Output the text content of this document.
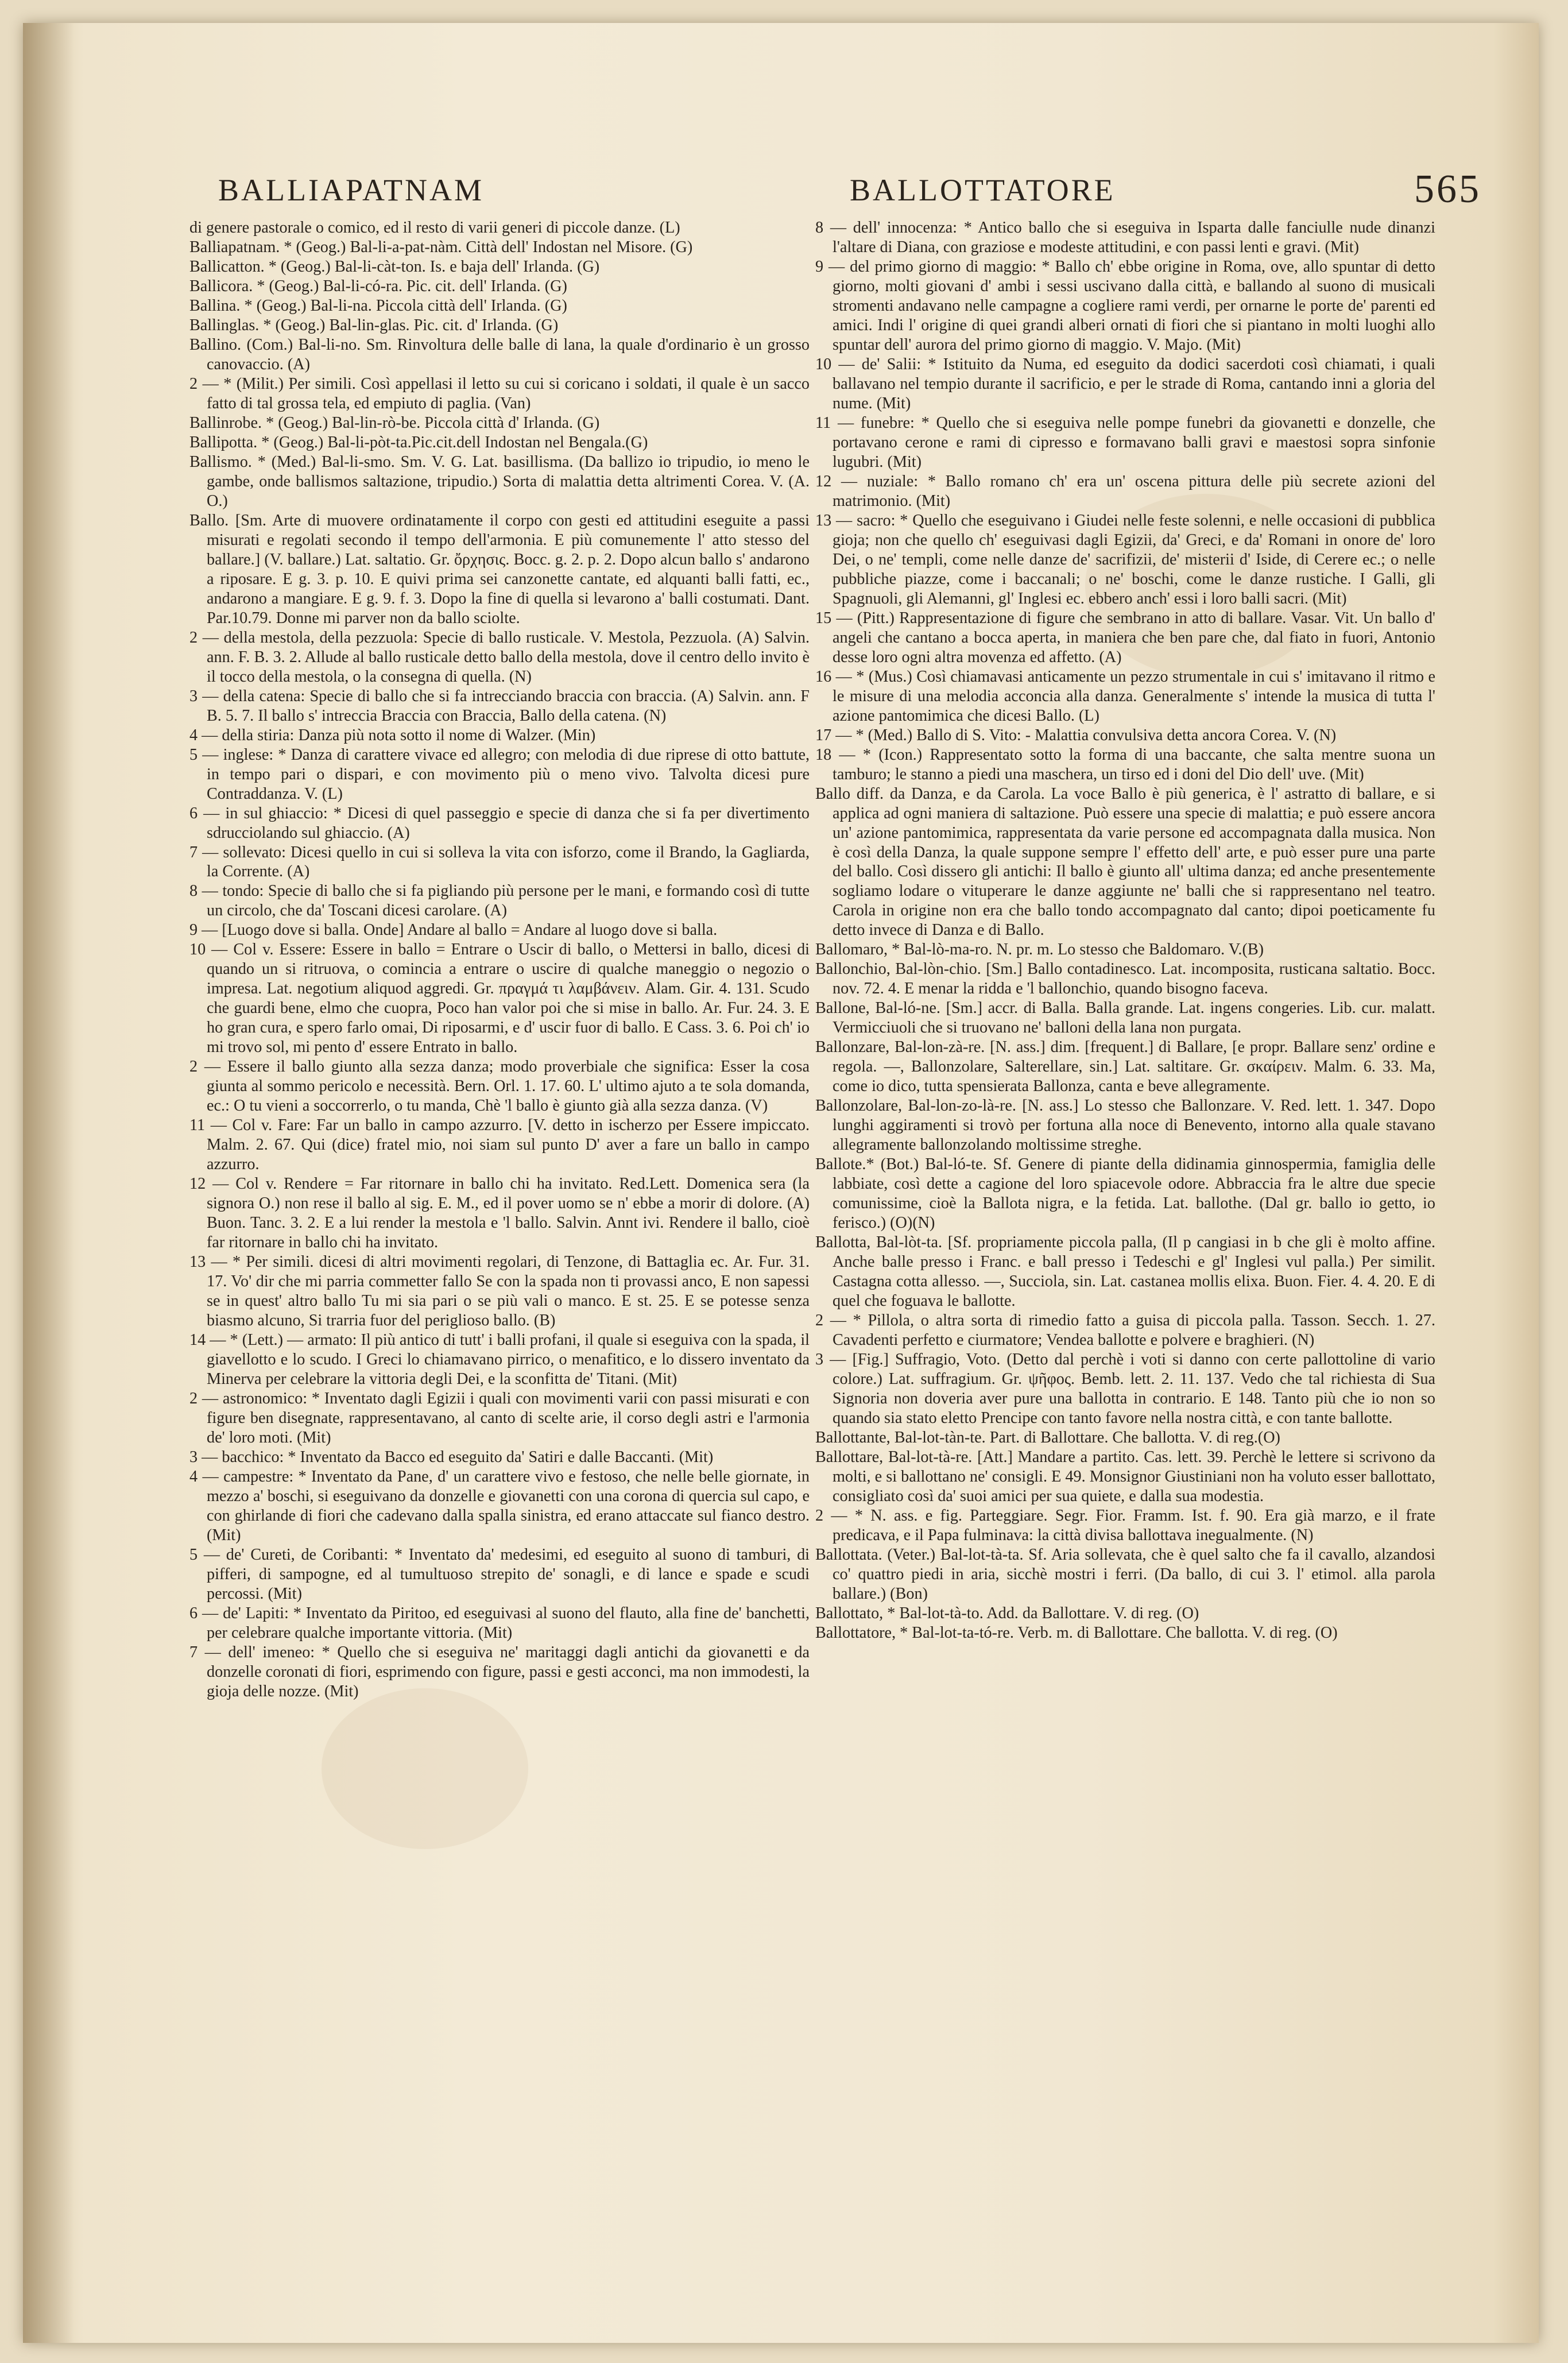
BALLIAPATNAM	BALLOTTATORE	565

di genere pastorale o comico, ed il resto di varii generi di piccole danze. (L)

Balliapatnam. * (Geog.) Bal-li-a-pat-nàm. Città dell' Indostan nel Misore. (G)

Ballicatton. * (Geog.) Bal-li-càt-ton. Is. e baja dell' Irlanda. (G)

Ballicora. * (Geog.) Bal-li-có-ra. Pic. cit. dell' Irlanda. (G)

Ballina. * (Geog.) Bal-li-na. Piccola città dell' Irlanda. (G)

Ballinglas. * (Geog.) Bal-lin-glas. Pic. cit. d' Irlanda. (G)

Ballino. (Com.) Bal-li-no. Sm. Rinvoltura delle balle di lana, la quale d'ordinario è un grosso canovaccio. (A)

2 — * (Milit.) Per simili. Così appellasi il letto su cui si coricano i soldati, il quale è un sacco fatto di tal grossa tela, ed empiuto di paglia. (Van)

Ballinrobe. * (Geog.) Bal-lin-rò-be. Piccola città d' Irlanda. (G)

Ballipotta. * (Geog.) Bal-li-pòt-ta.Pic.cit.dell Indostan nel Bengala.(G)

Ballismo. * (Med.) Bal-li-smo. Sm. V. G. Lat. basillisma. (Da ballizo io tripudio, io meno le gambe, onde ballismos saltazione, tripudio.) Sorta di malattia detta altrimenti Corea. V. (A. O.)

Ballo. [Sm. Arte di muovere ordinatamente il corpo con gesti ed attitudini eseguite a passi misurati e regolati secondo il tempo dell'armonia. E più comunemente l' atto stesso del ballare.] (V. ballare.) Lat. saltatio. Gr. ὄρχησις. Bocc. g. 2. p. 2. Dopo alcun ballo s' andarono a riposare. E g. 3. p. 10. E quivi prima sei canzonette cantate, ed alquanti balli fatti, ec., andarono a mangiare. E g. 9. f. 3. Dopo la fine di quella si levarono a' balli costumati. Dant. Par.10.79. Donne mi parver non da ballo sciolte.

2 — della mestola, della pezzuola: Specie di ballo rusticale. V. Mestola, Pezzuola. (A) Salvin. ann. F. B. 3. 2. Allude al ballo rusticale detto ballo della mestola, dove il centro dello invito è il tocco della mestola, o la consegna di quella. (N)

3 — della catena: Specie di ballo che si fa intrecciando braccia con braccia. (A) Salvin. ann. F B. 5. 7. Il ballo s' intreccia Braccia con Braccia, Ballo della catena. (N)

4 — della stiria: Danza più nota sotto il nome di Walzer. (Min)

5 — inglese: * Danza di carattere vivace ed allegro; con melodia di due riprese di otto battute, in tempo pari o dispari, e con movimento più o meno vivo. Talvolta dicesi pure Contraddanza. V. (L)

6 — in sul ghiaccio: * Dicesi di quel passeggio e specie di danza che si fa per divertimento sdrucciolando sul ghiaccio. (A)

7 — sollevato: Dicesi quello in cui si solleva la vita con isforzo, come il Brando, la Gagliarda, la Corrente. (A)

8 — tondo: Specie di ballo che si fa pigliando più persone per le mani, e formando così di tutte un circolo, che da' Toscani dicesi carolare. (A)

9 — [Luogo dove si balla. Onde] Andare al ballo = Andare al luogo dove si balla.

10 — Col v. Essere: Essere in ballo = Entrare o Uscir di ballo, o Mettersi in ballo, dicesi di quando un si ritruova, o comincia a entrare o uscire di qualche maneggio o negozio o impresa. Lat. negotium aliquod aggredi. Gr. πραγμά τι λαμβάνειν. Alam. Gir. 4. 131. Scudo che guardi bene, elmo che cuopra, Poco han valor poi che si mise in ballo. Ar. Fur. 24. 3. E ho gran cura, e spero farlo omai, Di riposarmi, e d' uscir fuor di ballo. E Cass. 3. 6. Poi ch' io mi trovo sol, mi pento d' essere Entrato in ballo.

2 — Essere il ballo giunto alla sezza danza; modo proverbiale che significa: Esser la cosa giunta al sommo pericolo e necessità. Bern. Orl. 1. 17. 60. L' ultimo ajuto a te sola domanda, ec.: O tu vieni a soccorrerlo, o tu manda, Chè 'l ballo è giunto già alla sezza danza. (V)

11 — Col v. Fare: Far un ballo in campo azzurro. [V. detto in ischerzo per Essere impiccato. Malm. 2. 67. Qui (dice) fratel mio, noi siam sul punto D' aver a fare un ballo in campo azzurro.

12 — Col v. Rendere = Far ritornare in ballo chi ha invitato. Red.Lett. Domenica sera (la signora O.) non rese il ballo al sig. E. M., ed il pover uomo se n' ebbe a morir di dolore. (A) Buon. Tanc. 3. 2. E a lui render la mestola e 'l ballo. Salvin. Annt ivi. Rendere il ballo, cioè far ritornare in ballo chi ha invitato.

13 — * Per simili. dicesi di altri movimenti regolari, di Tenzone, di Battaglia ec. Ar. Fur. 31. 17. Vo' dir che mi parria commetter fallo Se con la spada non ti provassi anco, E non sapessi se in quest' altro ballo Tu mi sia pari o se più vali o manco. E st. 25. E se potesse senza biasmo alcuno, Si trarria fuor del periglioso ballo. (B)

14 — * (Lett.) — armato: Il più antico di tutt' i balli profani, il quale si eseguiva con la spada, il giavellotto e lo scudo. I Greci lo chiamavano pirrico, o menafitico, e lo dissero inventato da Minerva per celebrare la vittoria degli Dei, e la sconfitta de' Titani. (Mit)

2 — astronomico: * Inventato dagli Egizii i quali con movimenti varii con passi misurati e con figure ben disegnate, rappresentavano, al canto di scelte arie, il corso degli astri e l'armonia de' loro moti. (Mit)

3 — bacchico: * Inventato da Bacco ed eseguito da' Satiri e dalle Baccanti. (Mit)

4 — campestre: * Inventato da Pane, d' un carattere vivo e festoso, che nelle belle giornate, in mezzo a' boschi, si eseguivano da donzelle e giovanetti con una corona di quercia sul capo, e con ghirlande di fiori che cadevano dalla spalla sinistra, ed erano attaccate sul fianco destro. (Mit)

5 — de' Cureti, de Coribanti: * Inventato da' medesimi, ed eseguito al suono di tamburi, di pifferi, di sampogne, ed al tumultuoso strepito de' sonagli, e di lance e spade e scudi percossi. (Mit)

6 — de' Lapiti: * Inventato da Piritoo, ed eseguivasi al suono del flauto, alla fine de' banchetti, per celebrare qualche importante vittoria. (Mit)

7 — dell' imeneo: * Quello che si eseguiva ne' maritaggi dagli antichi da giovanetti e da donzelle coronati di fiori, esprimendo con figure, passi e gesti acconci, ma non immodesti, la gioja delle nozze. (Mit)

8 — dell' innocenza: * Antico ballo che si eseguiva in Isparta dalle fanciulle nude dinanzi l'altare di Diana, con graziose e modeste attitudini, e con passi lenti e gravi. (Mit)

9 — del primo giorno di maggio: * Ballo ch' ebbe origine in Roma, ove, allo spuntar di detto giorno, molti giovani d' ambi i sessi uscivano dalla città, e ballando al suono di musicali stromenti andavano nelle campagne a cogliere rami verdi, per ornarne le porte de' parenti ed amici. Indi l' origine di quei grandi alberi ornati di fiori che si piantano in molti luoghi allo spuntar dell' aurora del primo giorno di maggio. V. Majo. (Mit)

10 — de' Salii: * Istituito da Numa, ed eseguito da dodici sacerdoti così chiamati, i quali ballavano nel tempio durante il sacrificio, e per le strade di Roma, cantando inni a gloria del nume. (Mit)

11 — funebre: * Quello che si eseguiva nelle pompe funebri da giovanetti e donzelle, che portavano cerone e rami di cipresso e formavano balli gravi e maestosi sopra sinfonie lugubri. (Mit)

12 — nuziale: * Ballo romano ch' era un' oscena pittura delle più secrete azioni del matrimonio. (Mit)

13 — sacro: * Quello che eseguivano i Giudei nelle feste solenni, e nelle occasioni di pubblica gioja; non che quello ch' eseguivasi dagli Egizii, da' Greci, e da' Romani in onore de' loro Dei, o ne' templi, come nelle danze de' sacrifizii, de' misterii d' Iside, di Cerere ec.; o nelle pubbliche piazze, come i baccanali; o ne' boschi, come le danze rustiche. I Galli, gli Spagnuoli, gli Alemanni, gl' Inglesi ec. ebbero anch' essi i loro balli sacri. (Mit)

15 — (Pitt.) Rappresentazione di figure che sembrano in atto di ballare. Vasar. Vit. Un ballo d' angeli che cantano a bocca aperta, in maniera che ben pare che, dal fiato in fuori, Antonio desse loro ogni altra movenza ed affetto. (A)

16 — * (Mus.) Così chiamavasi anticamente un pezzo strumentale in cui s' imitavano il ritmo e le misure di una melodia acconcia alla danza. Generalmente s' intende la musica di tutta l' azione pantomimica che dicesi Ballo. (L)

17 — * (Med.) Ballo di S. Vito: - Malattia convulsiva detta ancora Corea. V. (N)

18 — * (Icon.) Rappresentato sotto la forma di una baccante, che salta mentre suona un tamburo; le stanno a piedi una maschera, un tirso ed i doni del Dio dell' uve. (Mit)

Ballo diff. da Danza, e da Carola. La voce Ballo è più generica, è l' astratto di ballare, e si applica ad ogni maniera di saltazione. Può essere una specie di malattia; e può essere ancora un' azione pantomimica, rappresentata da varie persone ed accompagnata dalla musica. Non è così della Danza, la quale suppone sempre l' effetto dell' arte, e può esser pure una parte del ballo. Così dissero gli antichi: Il ballo è giunto all' ultima danza; ed anche presentemente sogliamo lodare o vituperare le danze aggiunte ne' balli che si rappresentano nel teatro. Carola in origine non era che ballo tondo accompagnato dal canto; dipoi poeticamente fu detto invece di Danza e di Ballo.

Ballomaro, * Bal-lò-ma-ro. N. pr. m. Lo stesso che Baldomaro. V.(B)

Ballonchio, Bal-lòn-chio. [Sm.] Ballo contadinesco. Lat. incomposita, rusticana saltatio. Bocc. nov. 72. 4. E menar la ridda e 'l ballonchio, quando bisogno faceva.

Ballone, Bal-ló-ne. [Sm.] accr. di Balla. Balla grande. Lat. ingens congeries. Lib. cur. malatt. Vermicciuoli che si truovano ne' balloni della lana non purgata.

Ballonzare, Bal-lon-zà-re. [N. ass.] dim. [frequent.] di Ballare, [e propr. Ballare senz' ordine e regola. —, Ballonzolare, Salterellare, sin.] Lat. saltitare. Gr. σκαίρειν. Malm. 6. 33. Ma, come io dico, tutta spensierata Ballonza, canta e beve allegramente.

Ballonzolare, Bal-lon-zo-là-re. [N. ass.] Lo stesso che Ballonzare. V. Red. lett. 1. 347. Dopo lunghi aggiramenti si trovò per fortuna alla noce di Benevento, intorno alla quale stavano allegramente ballonzolando moltissime streghe.

Ballote.* (Bot.) Bal-ló-te. Sf. Genere di piante della didinamia ginnospermia, famiglia delle labbiate, così dette a cagione del loro spiacevole odore. Abbraccia fra le altre due specie comunissime, cioè la Ballota nigra, e la fetida. Lat. ballothe. (Dal gr. ballo io getto, io ferisco.) (O)(N)

Ballotta, Bal-lòt-ta. [Sf. propriamente piccola palla, (Il p cangiasi in b che gli è molto affine. Anche balle presso i Franc. e ball presso i Tedeschi e gl' Inglesi vul palla.) Per similit. Castagna cotta allesso. —, Succiola, sin. Lat. castanea mollis elixa. Buon. Fier. 4. 4. 20. E di quel che foguava le ballotte.

2 — * Pillola, o altra sorta di rimedio fatto a guisa di piccola palla. Tasson. Secch. 1. 27. Cavadenti perfetto e ciurmatore; Vendea ballotte e polvere e braghieri. (N)

3 — [Fig.] Suffragio, Voto. (Detto dal perchè i voti si danno con certe pallottoline di vario colore.) Lat. suffragium. Gr. ψῆφος. Bemb. lett. 2. 11. 137. Vedo che tal richiesta di Sua Signoria non doveria aver pure una ballotta in contrario. E 148. Tanto più che io non so quando sia stato eletto Prencipe con tanto favore nella nostra città, e con tante ballotte.

Ballottante, Bal-lot-tàn-te. Part. di Ballottare. Che ballotta. V. di reg.(O)

Ballottare, Bal-lot-tà-re. [Att.] Mandare a partito. Cas. lett. 39. Perchè le lettere si scrivono da molti, e si ballottano ne' consigli. E 49. Monsignor Giustiniani non ha voluto esser ballottato, consigliato così da' suoi amici per sua quiete, e dalla sua modestia.

2 — * N. ass. e fig. Parteggiare. Segr. Fior. Framm. Ist. f. 90. Era già marzo, e il frate predicava, e il Papa fulminava: la città divisa ballottava inegualmente. (N)

Ballottata. (Veter.) Bal-lot-tà-ta. Sf. Aria sollevata, che è quel salto che fa il cavallo, alzandosi co' quattro piedi in aria, sicchè mostri i ferri. (Da ballo, di cui 3. l' etimol. alla parola ballare.) (Bon)

Ballottato, * Bal-lot-tà-to. Add. da Ballottare. V. di reg. (O)

Ballottatore, * Bal-lot-ta-tó-re. Verb. m. di Ballottare. Che ballotta. V. di reg. (O)
